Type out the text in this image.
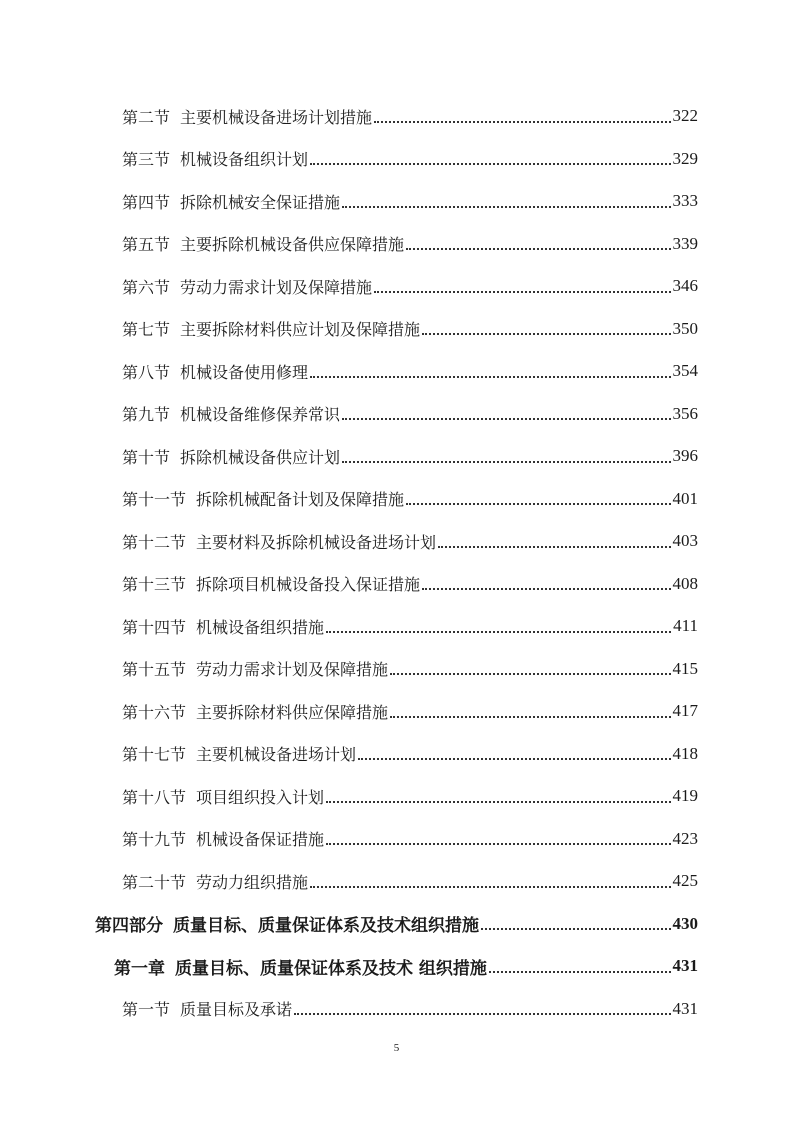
第二节 主要机械设备进场计划措施	322
第三节 机械设备组织计划	329
第四节 拆除机械安全保证措施	333
第五节 主要拆除机械设备供应保障措施	339
第六节 劳动力需求计划及保障措施	346
第七节 主要拆除材料供应计划及保障措施	350
第八节 机械设备使用修理	354
第九节 机械设备维修保养常识	356
第十节 拆除机械设备供应计划	396
第十一节 拆除机械配备计划及保障措施	401
第十二节 主要材料及拆除机械设备进场计划	403
第十三节 拆除项目机械设备投入保证措施	408
第十四节 机械设备组织措施	411
第十五节 劳动力需求计划及保障措施	415
第十六节 主要拆除材料供应保障措施	417
第十七节 主要机械设备进场计划	418
第十八节 项目组织投入计划	419
第十九节 机械设备保证措施	423
第二十节 劳动力组织措施	425
第四部分 质量目标、质量保证体系及技术组织措施	430
第一章 质量目标、质量保证体系及技术 组织措施	431
第一节 质量目标及承诺	431
5
